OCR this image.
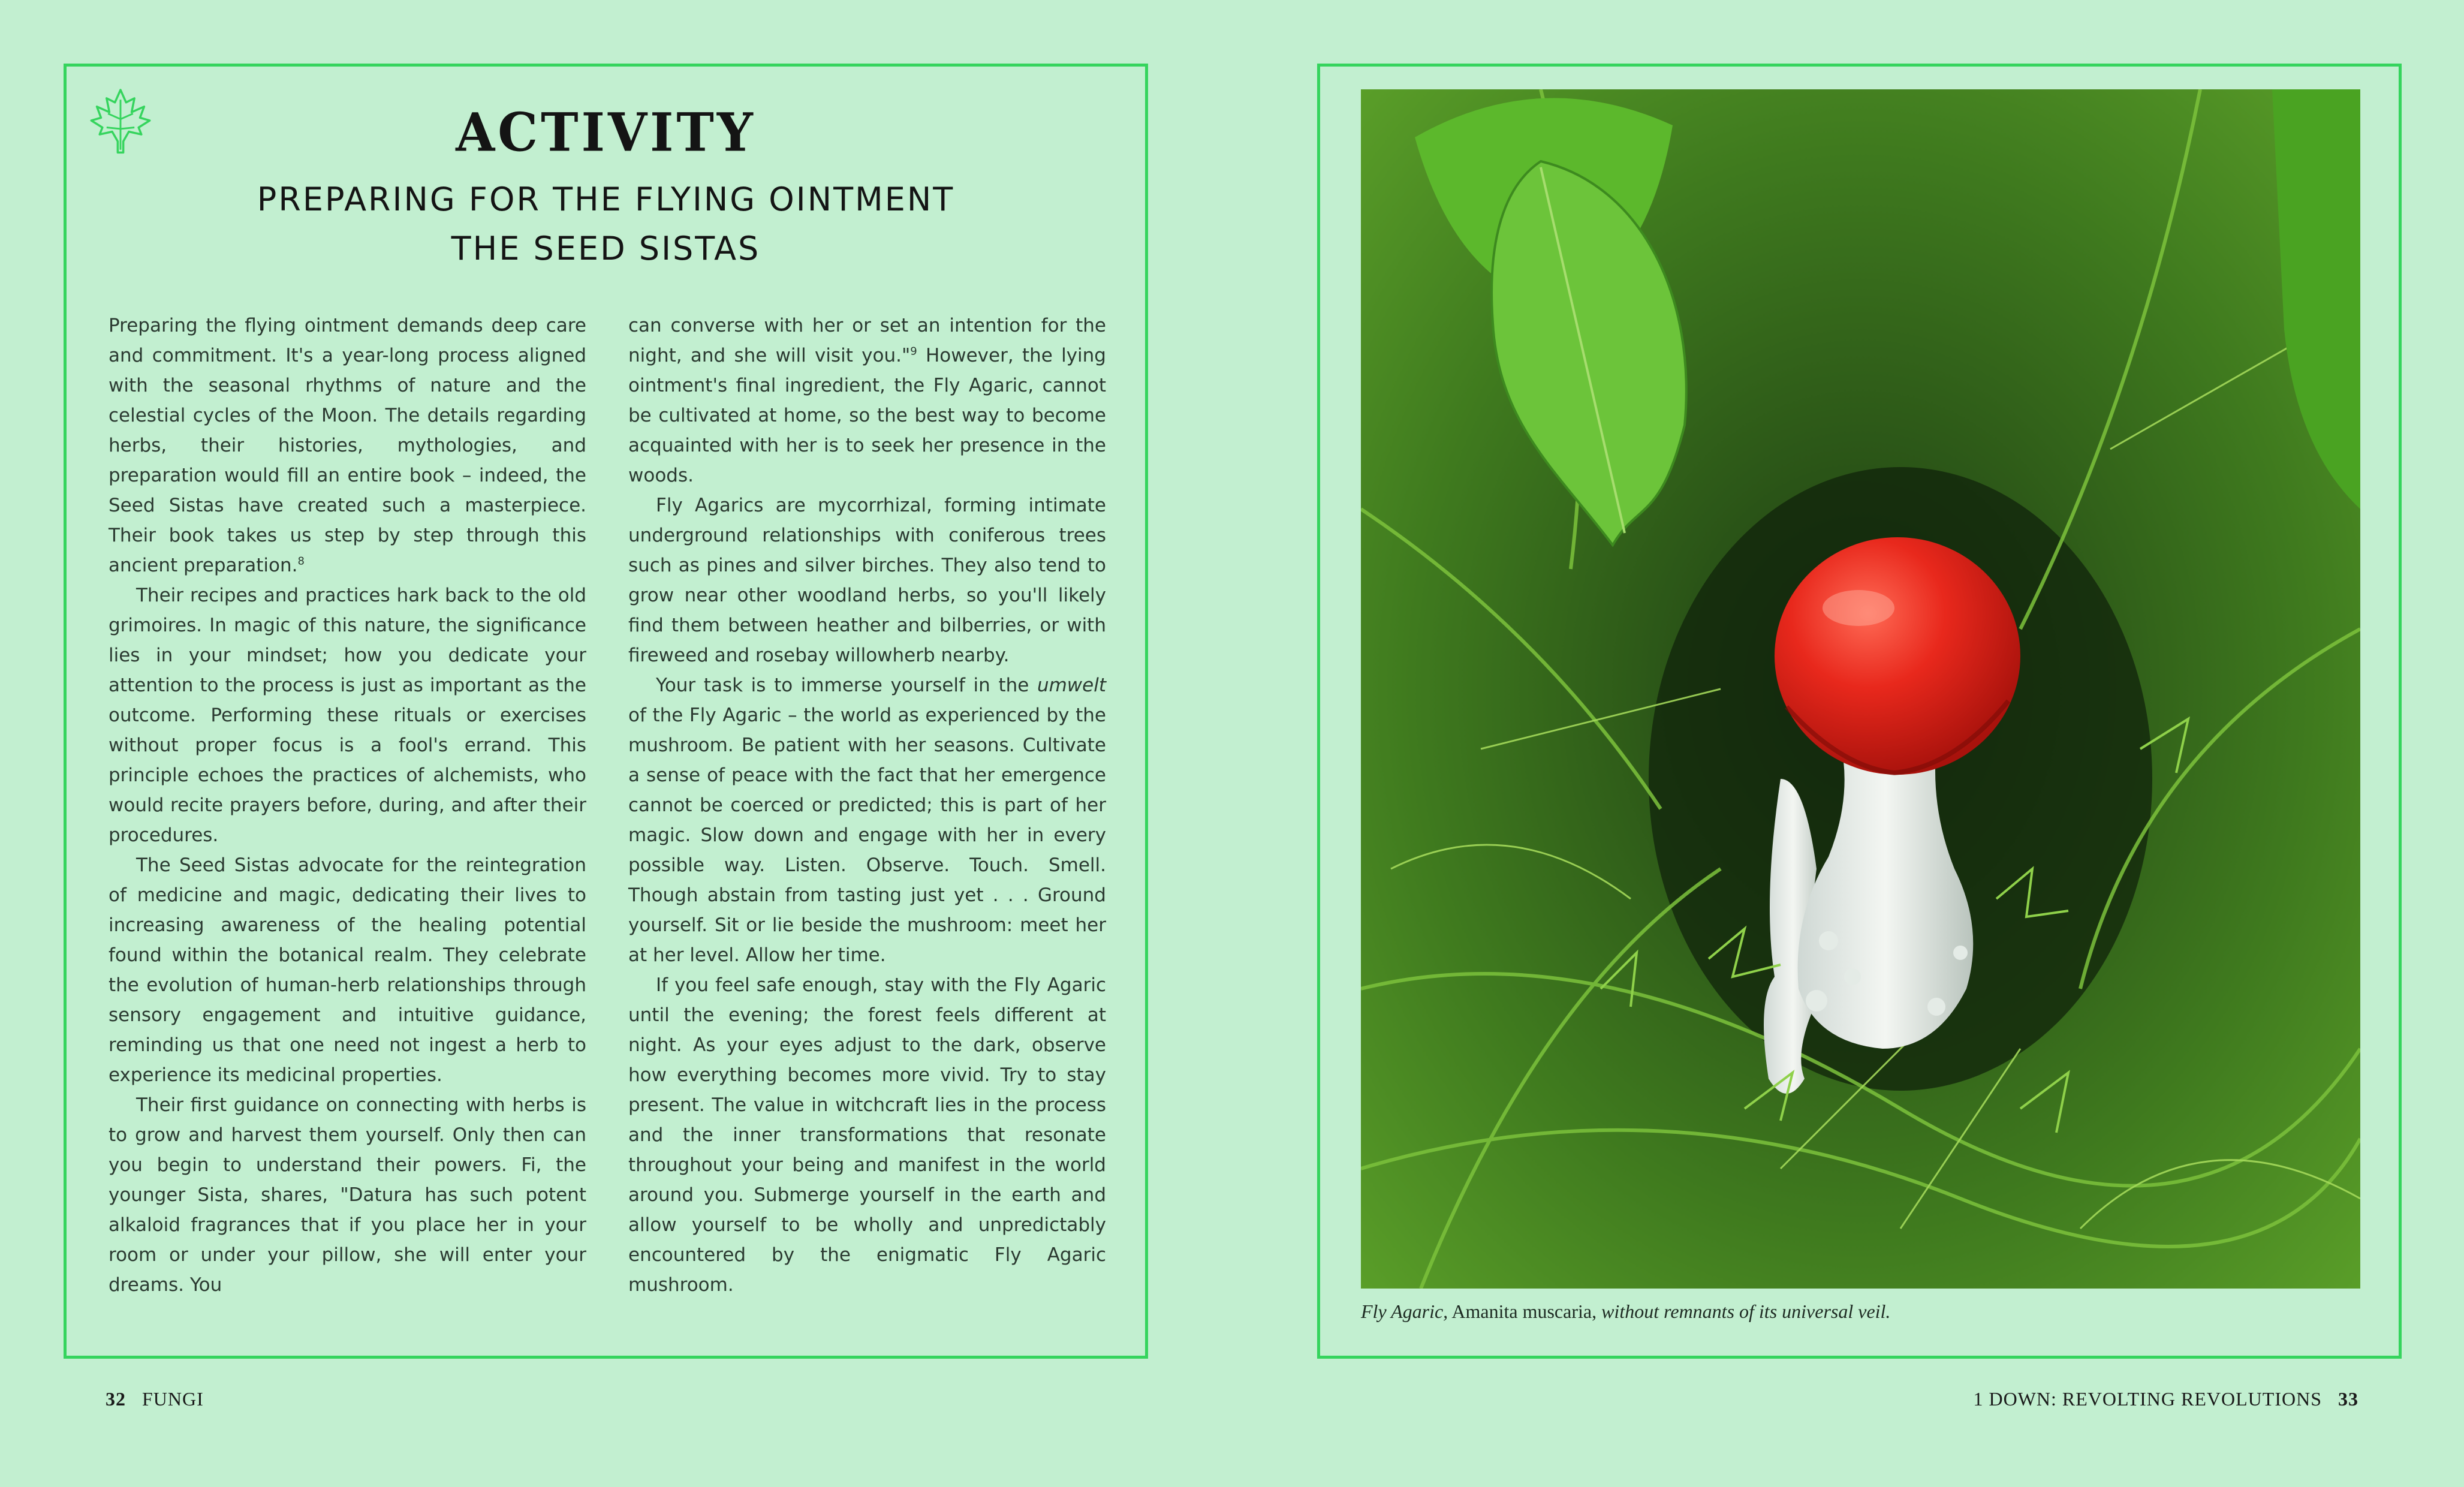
ACTIVITY
PREPARING FOR THE FLYING OINTMENT
THE SEED SISTAS

Preparing the flying ointment demands deep care and commitment. It's a year-long process aligned with the seasonal rhythms of nature and the celestial cycles of the Moon. The details regarding herbs, their histories, mythologies, and preparation would fill an entire book – indeed, the Seed Sistas have created such a masterpiece. Their book takes us step by step through this ancient preparation.$^8$

Their recipes and practices hark back to the old grimoires. In magic of this nature, the significance lies in your mindset; how you dedicate your attention to the process is just as important as the outcome. Performing these rituals or exercises without proper focus is a fool's errand. This principle echoes the practices of alchemists, who would recite prayers before, during, and after their procedures.

The Seed Sistas advocate for the reintegration of medicine and magic, dedicating their lives to increasing awareness of the healing potential found within the botanical realm. They celebrate the evolution of human-herb relationships through sensory engagement and intuitive guidance, reminding us that one need not ingest a herb to experience its medicinal properties.

Their first guidance on connecting with herbs is to grow and harvest them yourself. Only then can you begin to understand their powers. Fi, the younger Sista, shares, "Datura has such potent alkaloid fragrances that if you place her in your room or under your pillow, she will enter your dreams. You

can converse with her or set an intention for the night, and she will visit you."$^9$ However, the lying ointment's final ingredient, the Fly Agaric, cannot be cultivated at home, so the best way to become acquainted with her is to seek her presence in the woods.

Fly Agarics are mycorrhizal, forming intimate underground relationships with coniferous trees such as pines and silver birches. They also tend to grow near other woodland herbs, so you'll likely find them between heather and bilberries, or with fireweed and rosebay willowherb nearby.

Your task is to immerse yourself in the umwelt of the Fly Agaric – the world as experienced by the mushroom. Be patient with her seasons. Cultivate a sense of peace with the fact that her emergence cannot be coerced or predicted; this is part of her magic. Slow down and engage with her in every possible way. Listen. Observe. Touch. Smell. Though abstain from tasting just yet . . . Ground yourself. Sit or lie beside the mushroom: meet her at her level. Allow her time.

If you feel safe enough, stay with the Fly Agaric until the evening; the forest feels different at night. As your eyes adjust to the dark, observe how everything becomes more vivid. Try to stay present. The value in witchcraft lies in the process and the inner transformations that resonate throughout your being and manifest in the world around you. Submerge yourself in the earth and allow yourself to be wholly and unpredictably encountered by the enigmatic Fly Agaric mushroom.

Fly Agaric, Amanita muscaria, without remnants of its universal veil.
32 FUNGI	1 DOWN: REVOLTING REVOLUTIONS 33
